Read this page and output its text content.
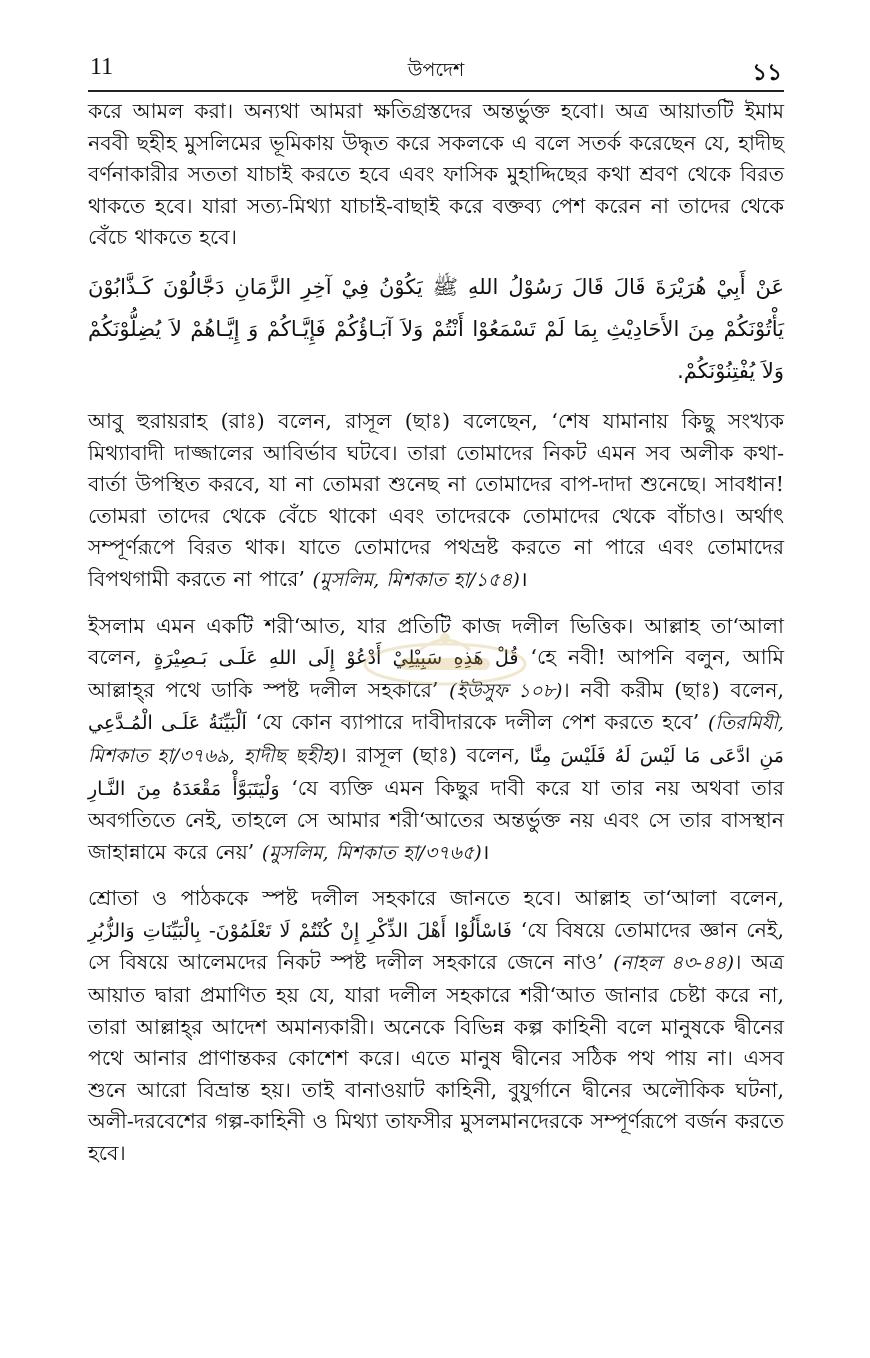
11	উপদেশ	১১

করে আমল করা। অন্যথা আমরা ক্ষতিগ্রস্তদের অন্তর্ভুক্ত হবো। অত্র আয়াতটি ইমাম নববী ছহীহ মুসলিমের ভূমিকায় উদ্ধৃত করে সকলকে এ বলে সতর্ক করেছেন যে, হাদীছ বর্ণনাকারীর সততা যাচাই করতে হবে এবং ফাসিক মুহাদ্দিছের কথা শ্রবণ থেকে বিরত থাকতে হবে। যারা সত্য-মিথ্যা যাচাই-বাছাই করে বক্তব্য পেশ করেন না তাদের থেকে বেঁচে থাকতে হবে।

عَنْ أَبِيْ هُرَيْرَةَ قَالَ قَالَ رَسُوْلُ اللهِ ﷺ يَكُوْنُ فِيْ آخِرِ الزَّمَانِ دَجَّالُوْنَ كَـذَّابُوْنَ يَأْتُوْنَكُمْ مِنَ الأَحَادِيْثِ بِمَا لَمْ تَسْمَعُوْا أَنْتُمْ وَلاَ آبَـاؤُكُمْ فَإِيَّـاكُمْ وَ إِيَّـاهُمْ لاَ يُضِلُّوْنَكُمْ وَلاَ يُفْتِنُوْنَكُمْ.

আবু হুরায়রাহ (রাঃ) বলেন, রাসূল (ছাঃ) বলেছেন, ‘শেষ যামানায় কিছু সংখ্যক মিথ্যাবাদী দাজ্জালের আবির্ভাব ঘটবে। তারা তোমাদের নিকট এমন সব অলীক কথা-বার্তা উপস্থিত করবে, যা না তোমরা শুনেছ না তোমাদের বাপ-দাদা শুনেছে। সাবধান! তোমরা তাদের থেকে বেঁচে থাকো এবং তাদেরকে তোমাদের থেকে বাঁচাও। অর্থাৎ সম্পূর্ণরূপে বিরত থাক। যাতে তোমাদের পথভ্রষ্ট করতে না পারে এবং তোমাদের বিপথগামী করতে না পারে’ (মুসলিম, মিশকাত হা/১৫৪)।

ইসলাম এমন একটি শরী‘আত, যার প্রতিটি কাজ দলীল ভিত্তিক। আল্লাহ তা‘আলা বলেন, قُلْ هَذِهِ سَبِيْلِيْ أَدْعُوْ إِلَى اللهِ عَلَـى بَـصِيْرَةٍ ‘হে নবী! আপনি বলুন, আমি আল্লাহ্‌র পথে ডাকি স্পষ্ট দলীল সহকারে’ (ইউসুফ ১০৮)। নবী করীম (ছাঃ) বলেন, اَلْبَيِّنَةُ عَلَـى الْمُـدَّعِي ‘যে কোন ব্যাপারে দাবীদারকে দলীল পেশ করতে হবে’ (তিরমিযী, মিশকাত হা/৩৭৬৯, হাদীছ ছহীহ)। রাসূল (ছাঃ) বলেন, مَنِ ادَّعَى مَا لَيْسَ لَهُ فَلَيْسَ مِنَّا وَلْيَتَبَوَّأْ مَقْعَدَهُ مِنَ النَّـارِ ‘যে ব্যক্তি এমন কিছুর দাবী করে যা তার নয় অথবা তার অবগতিতে নেই, তাহলে সে আমার শরী‘আতের অন্তর্ভুক্ত নয় এবং সে তার বাসস্থান জাহান্নামে করে নেয়’ (মুসলিম, মিশকাত হা/৩৭৬৫)।

শ্রোতা ও পাঠককে স্পষ্ট দলীল সহকারে জানতে হবে। আল্লাহ তা‘আলা বলেন, فَاسْأَلُوْا أَهْلَ الذِّكْرِ إِنْ كُنْتُمْ لَا تَعْلَمُوْنَ- بِالْبَيِّنَاتِ وَالزُّبُرِ ‘যে বিষয়ে তোমাদের জ্ঞান নেই, সে বিষয়ে আলেমদের নিকট স্পষ্ট দলীল সহকারে জেনে নাও’ (নাহল ৪৩-৪৪)। অত্র আয়াত দ্বারা প্রমাণিত হয় যে, যারা দলীল সহকারে শরী‘আত জানার চেষ্টা করে না, তারা আল্লাহ্‌র আদেশ অমান্যকারী। অনেকে বিভিন্ন কল্প কাহিনী বলে মানুষকে দ্বীনের পথে আনার প্রাণান্তকর কোশেশ করে। এতে মানুষ দ্বীনের সঠিক পথ পায় না। এসব শুনে আরো বিভ্রান্ত হয়। তাই বানাওয়াট কাহিনী, বুযুর্গানে দ্বীনের অলৌকিক ঘটনা, অলী-দরবেশের গল্প-কাহিনী ও মিথ্যা তাফসীর মুসলমানদেরকে সম্পূর্ণরূপে বর্জন করতে হবে।
